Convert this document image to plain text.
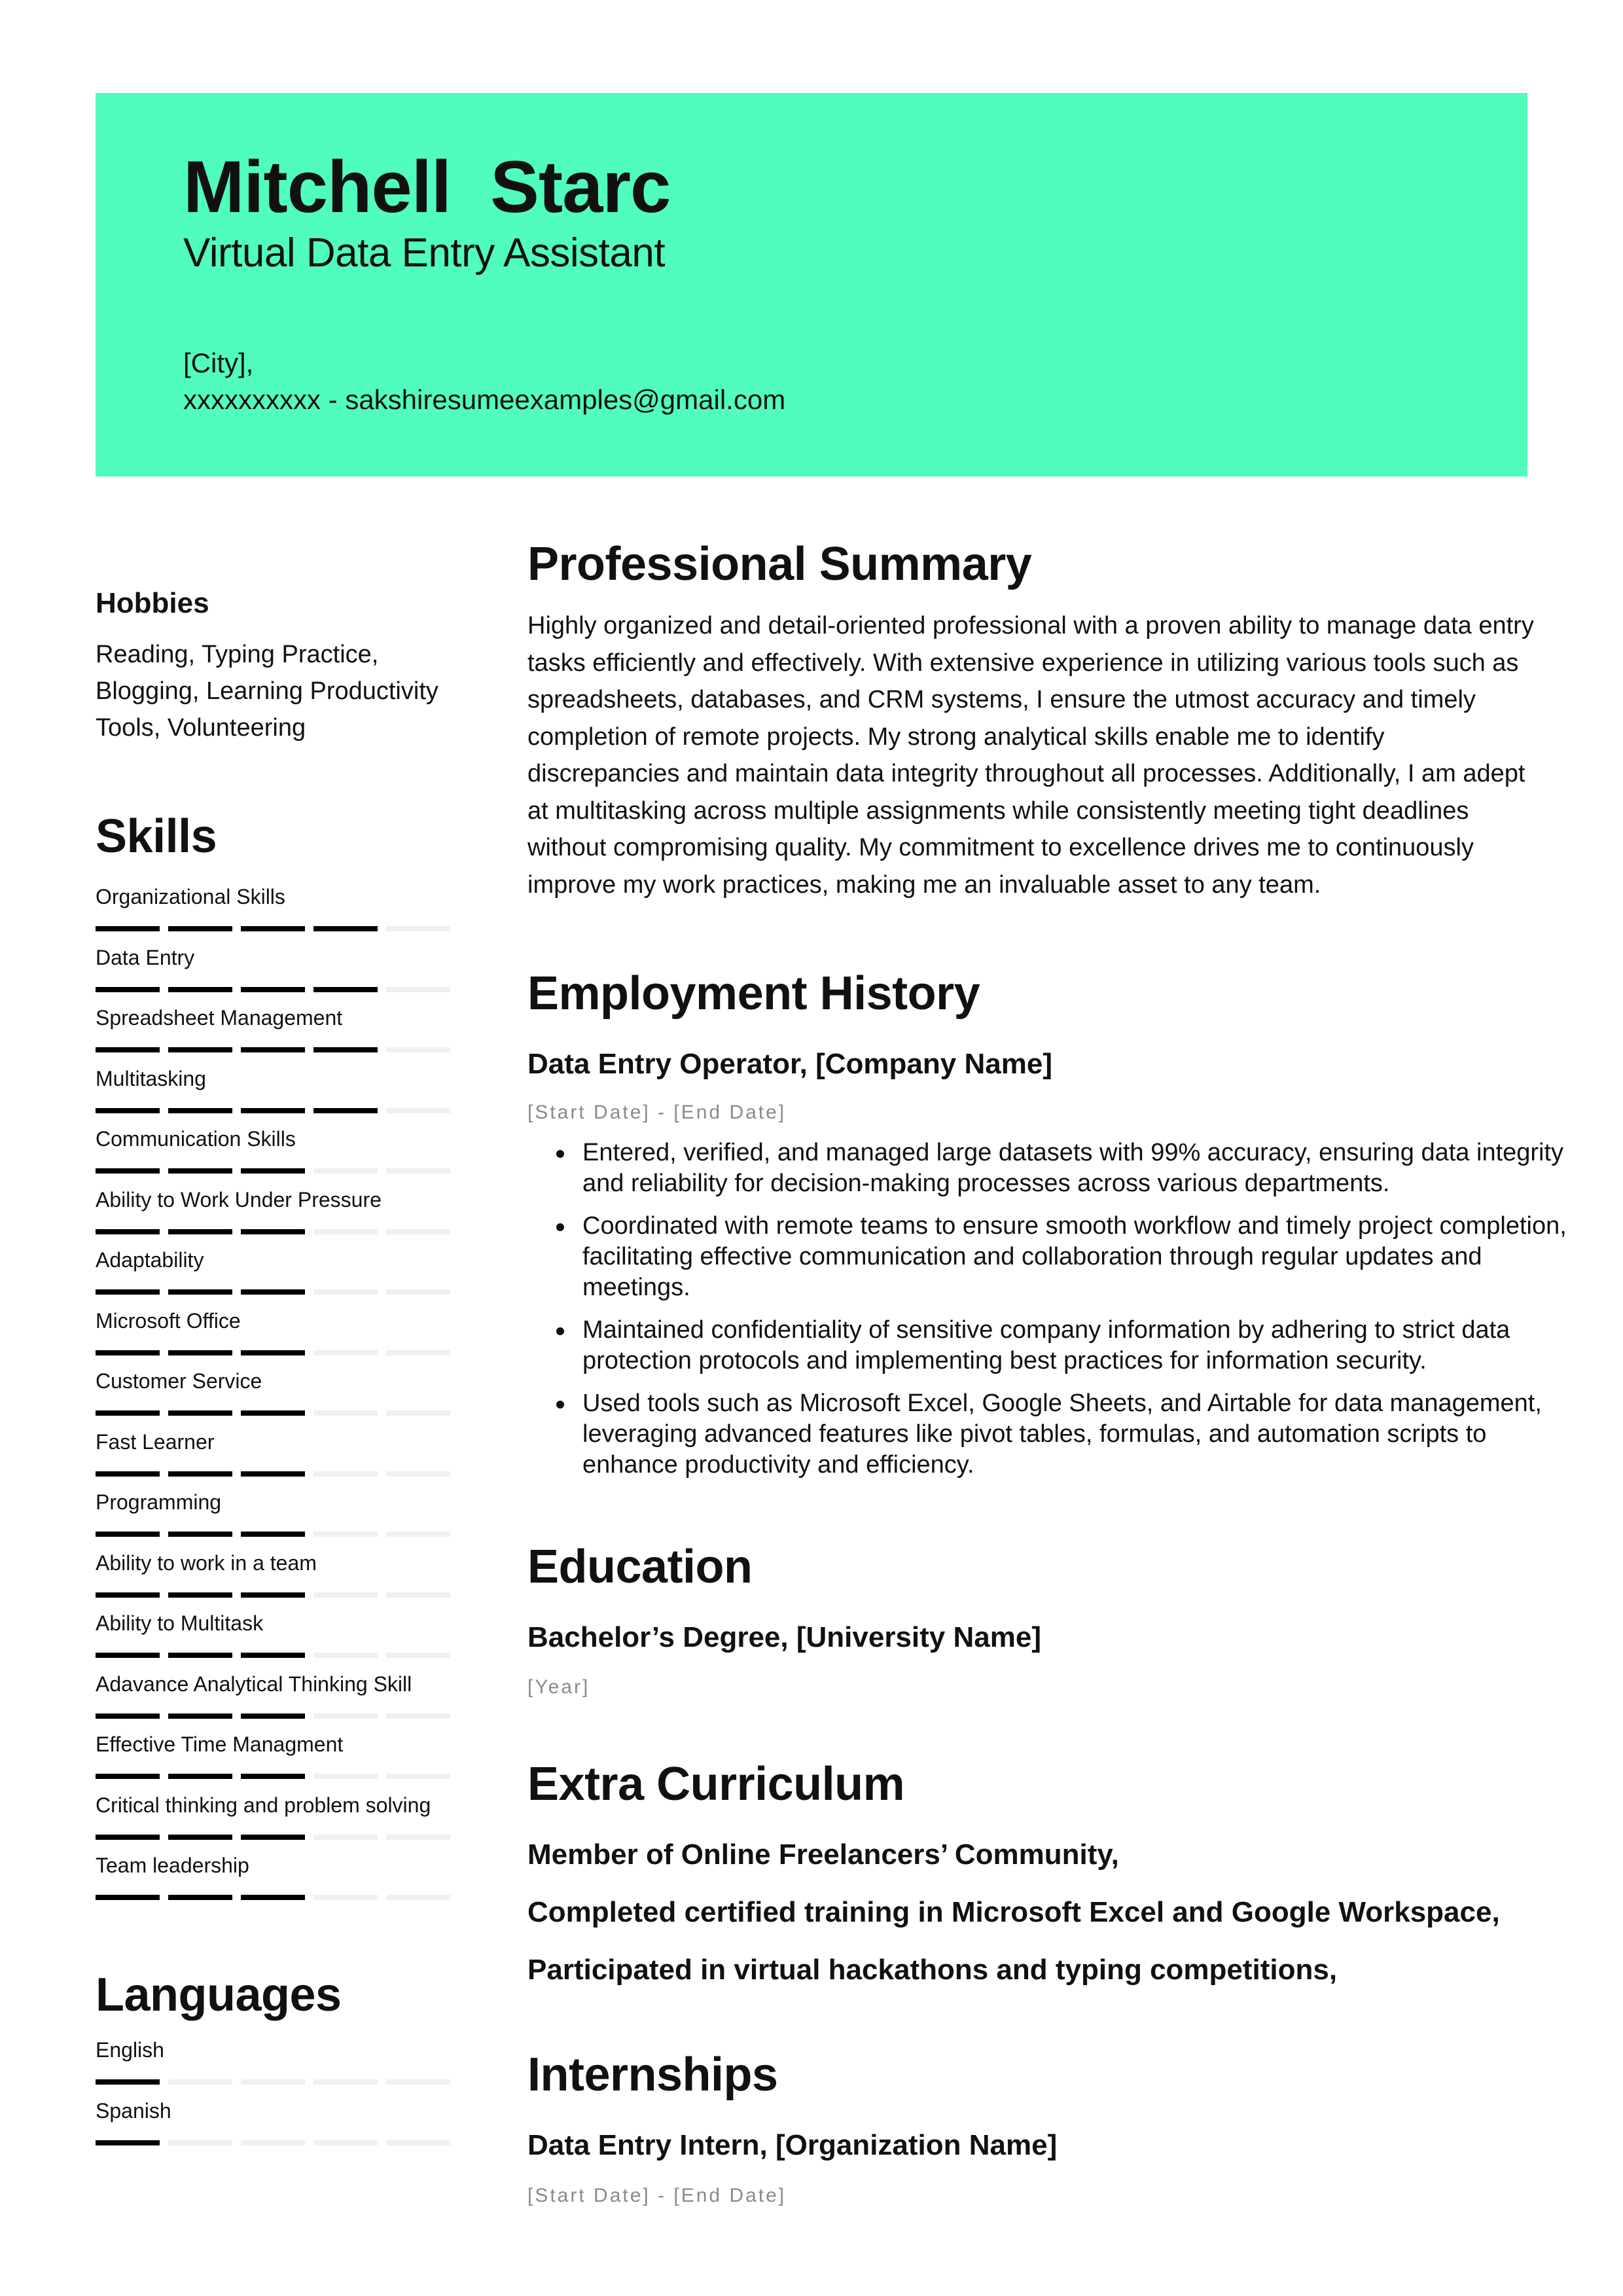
Mitchell  Starc
Virtual Data Entry Assistant
[City],
xxxxxxxxxx - sakshiresumeexamples@gmail.com
Hobbies
Reading, Typing Practice, Blogging, Learning Productivity Tools, Volunteering
Skills
Organizational Skills
Data Entry
Spreadsheet Management
Multitasking
Communication Skills
Ability to Work Under Pressure
Adaptability
Microsoft Office
Customer Service
Fast Learner
Programming
Ability to work in a team
Ability to Multitask
Adavance Analytical Thinking Skill
Effective Time Managment
Critical thinking and problem solving
Team leadership
Languages
English
Spanish
Professional Summary
Highly organized and detail-oriented professional with a proven ability to manage data entry tasks efficiently and effectively. With extensive experience in utilizing various tools such as spreadsheets, databases, and CRM systems, I ensure the utmost accuracy and timely completion of remote projects. My strong analytical skills enable me to identify discrepancies and maintain data integrity throughout all processes. Additionally, I am adept at multitasking across multiple assignments while consistently meeting tight deadlines without compromising quality. My commitment to excellence drives me to continuously improve my work practices, making me an invaluable asset to any team.
Employment History
Data Entry Operator, [Company Name]
[Start Date] - [End Date]
Entered, verified, and managed large datasets with 99% accuracy, ensuring data integrity and reliability for decision-making processes across various departments.
Coordinated with remote teams to ensure smooth workflow and timely project completion, facilitating effective communication and collaboration through regular updates and meetings.
Maintained confidentiality of sensitive company information by adhering to strict data protection protocols and implementing best practices for information security.
Used tools such as Microsoft Excel, Google Sheets, and Airtable for data management, leveraging advanced features like pivot tables, formulas, and automation scripts to enhance productivity and efficiency.
Education
Bachelor’s Degree, [University Name]
[Year]
Extra Curriculum
Member of Online Freelancers’ Community,
Completed certified training in Microsoft Excel and Google Workspace,
Participated in virtual hackathons and typing competitions,
Internships
Data Entry Intern, [Organization Name]
[Start Date] - [End Date]
